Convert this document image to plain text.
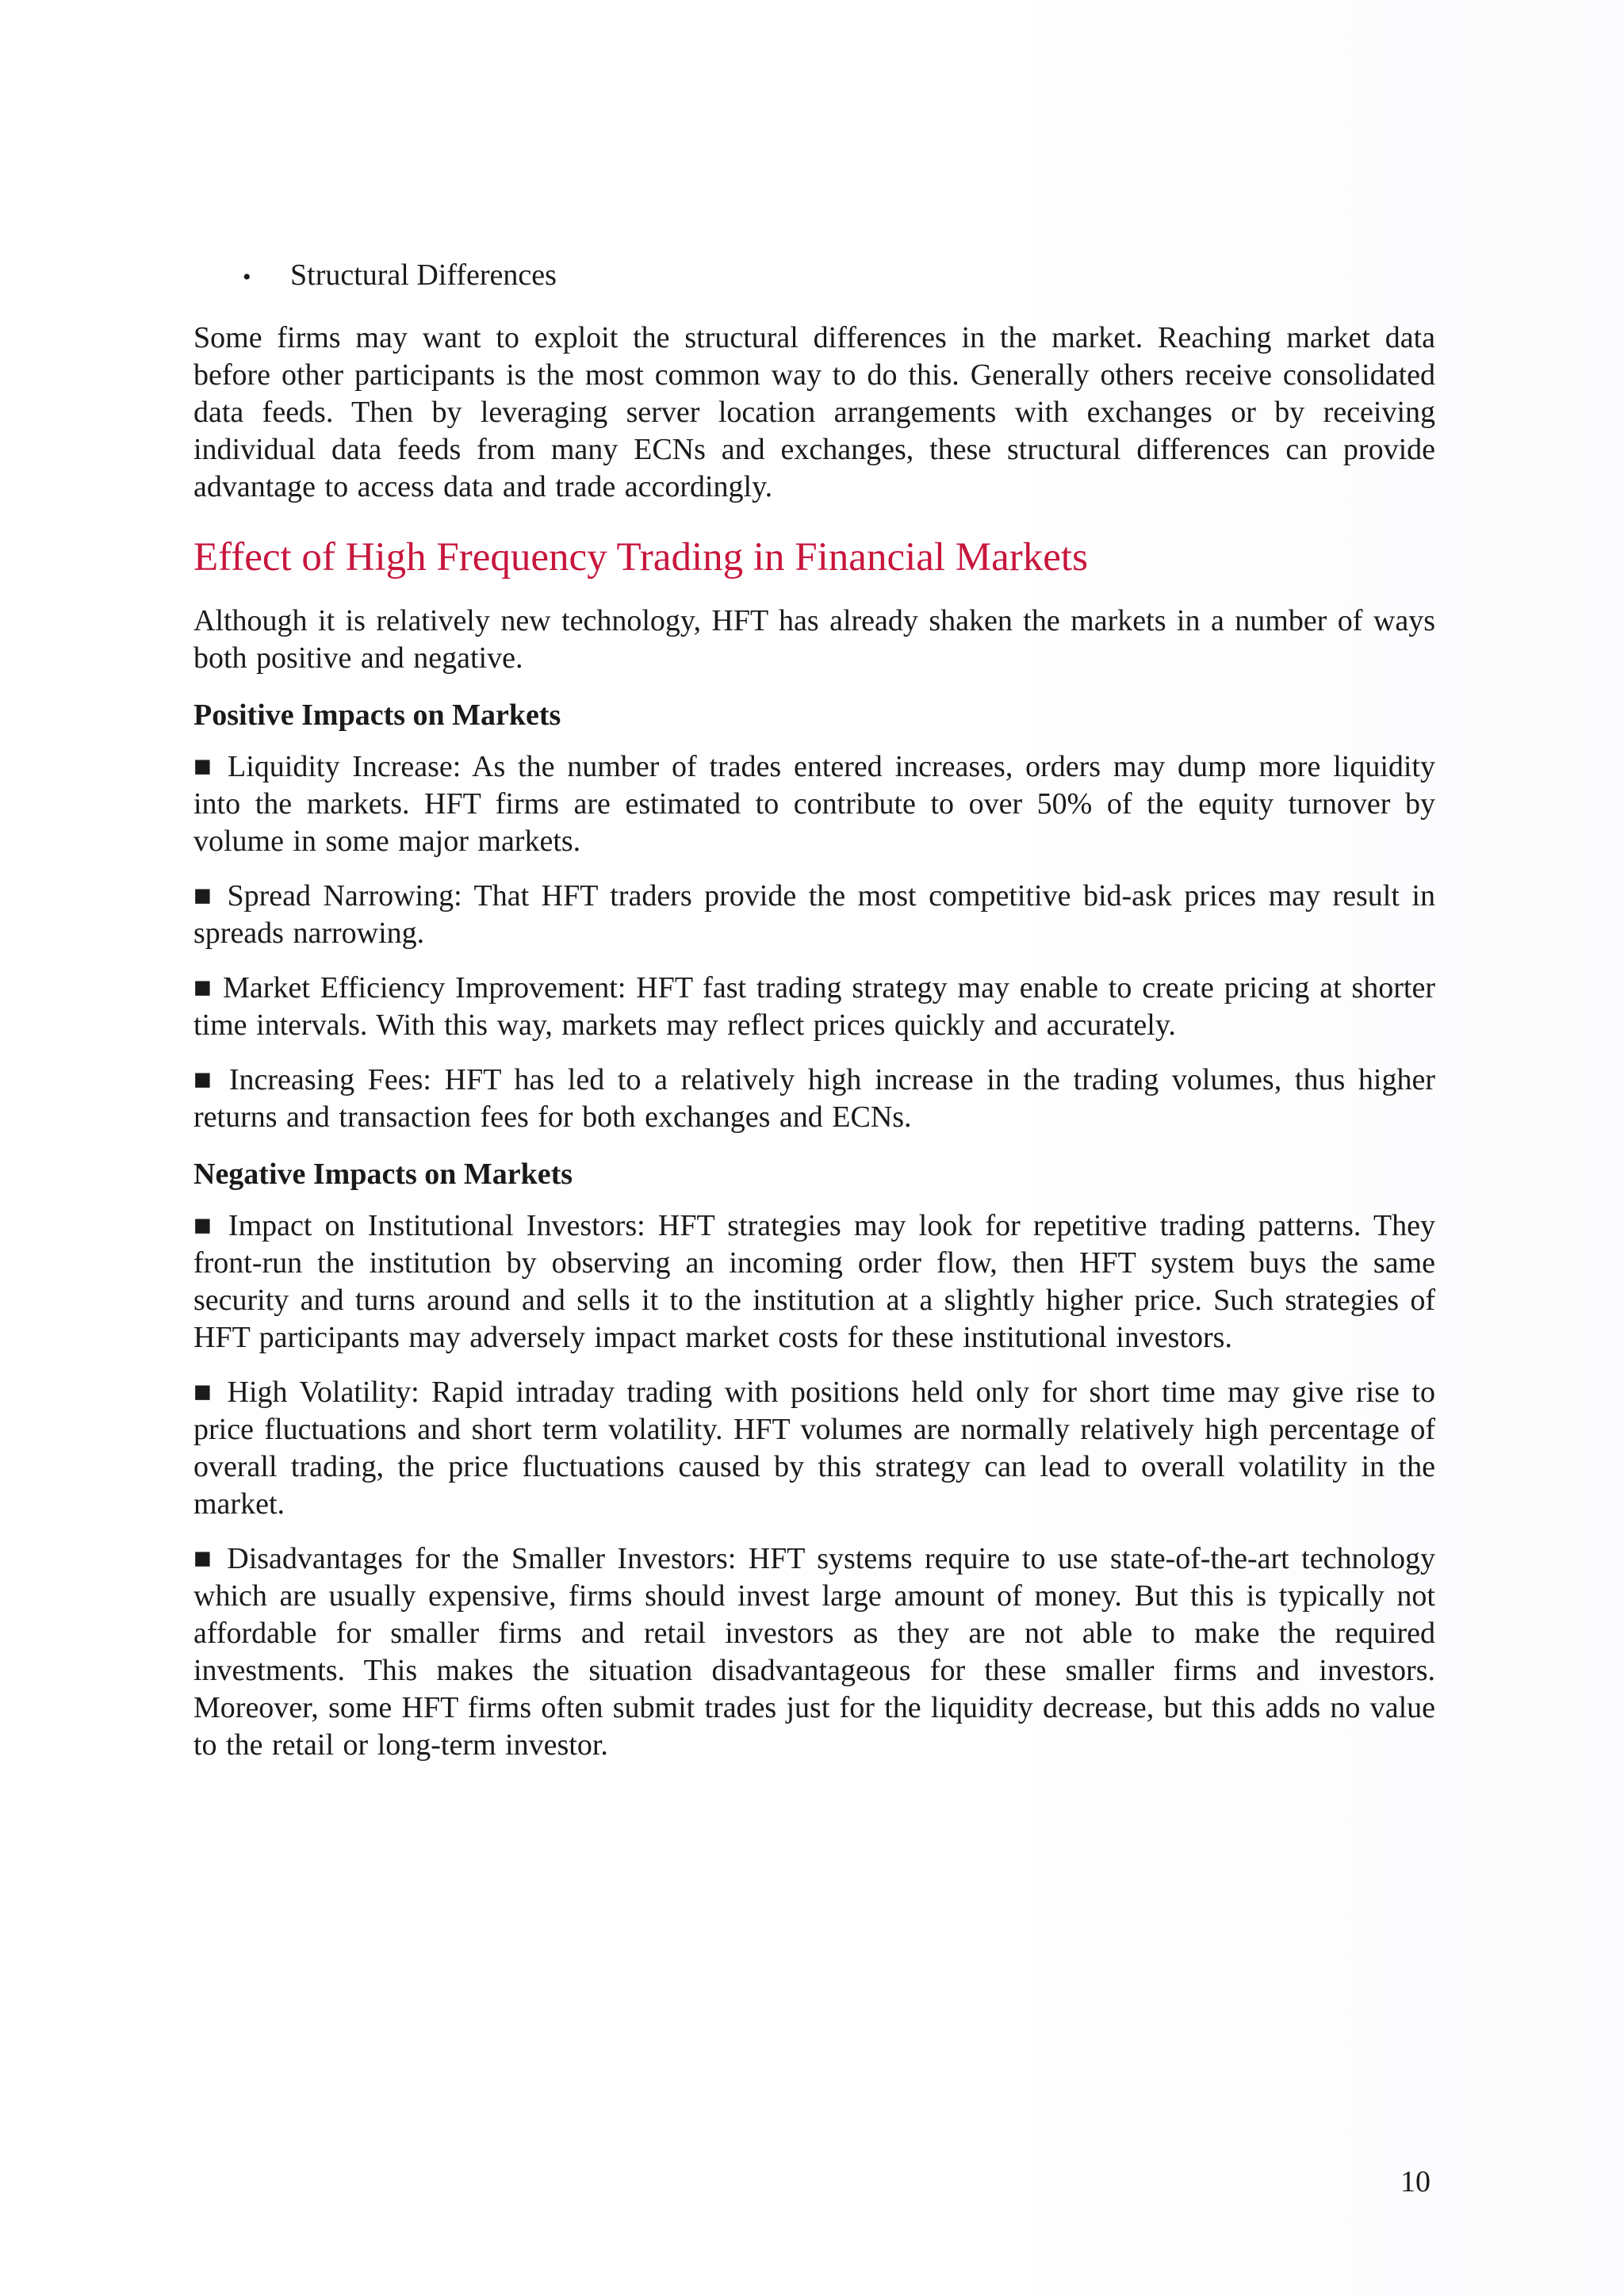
•	Structural Differences

Some firms may want to exploit the structural differences in the market. Reaching market data before other participants is the most common way to do this. Generally others receive consolidated data feeds. Then by leveraging server location arrangements with exchanges or by receiving individual data feeds from many ECNs and exchanges, these structural differences can provide advantage to access data and trade accordingly.

Effect of High Frequency Trading in Financial Markets

Although it is relatively new technology, HFT has already shaken the markets in a number of ways both positive and negative.

Positive Impacts on Markets

■ Liquidity Increase: As the number of trades entered increases, orders may dump more liquidity into the markets. HFT firms are estimated to contribute to over 50% of the equity turnover by volume in some major markets.

■ Spread Narrowing: That HFT traders provide the most competitive bid-ask prices may result in spreads narrowing.

■ Market Efficiency Improvement: HFT fast trading strategy may enable to create pricing at shorter time intervals. With this way, markets may reflect prices quickly and accurately.

■ Increasing Fees: HFT has led to a relatively high increase in the trading volumes, thus higher returns and transaction fees for both exchanges and ECNs.

Negative Impacts on Markets

■ Impact on Institutional Investors: HFT strategies may look for repetitive trading patterns. They front-run the institution by observing an incoming order flow, then HFT system buys the same security and turns around and sells it to the institution at a slightly higher price. Such strategies of HFT participants may adversely impact market costs for these institutional investors.

■ High Volatility: Rapid intraday trading with positions held only for short time may give rise to price fluctuations and short term volatility. HFT volumes are normally relatively high percentage of overall trading, the price fluctuations caused by this strategy can lead to overall volatility in the market.

■ Disadvantages for the Smaller Investors: HFT systems require to use state-of-the-art technology which are usually expensive, firms should invest large amount of money. But this is typically not affordable for smaller firms and retail investors as they are not able to make the required investments. This makes the situation disadvantageous for these smaller firms and investors. Moreover, some HFT firms often submit trades just for the liquidity decrease, but this adds no value to the retail or long-term investor.

10
